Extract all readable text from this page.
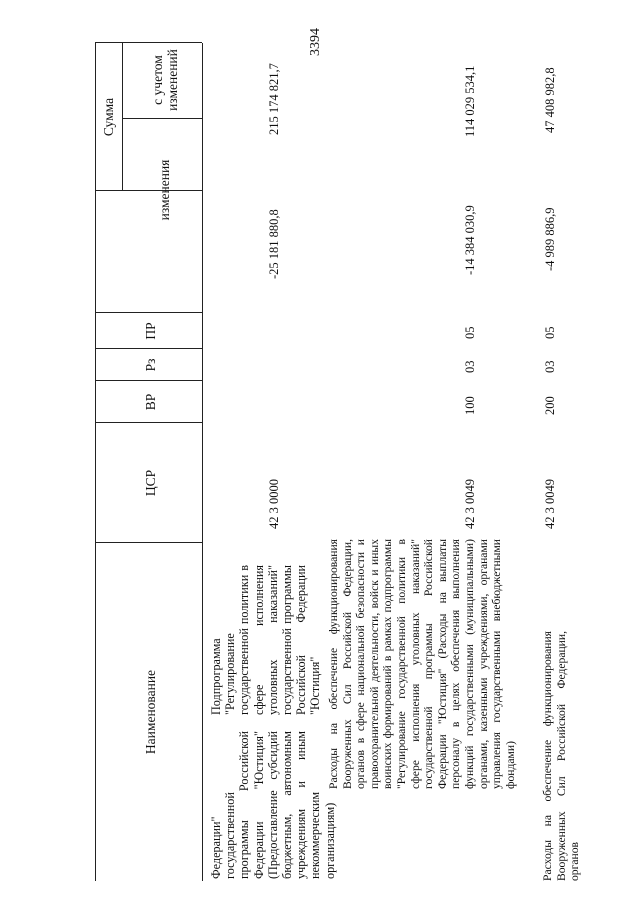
3394
Наименование
ЦСР
ВР
Рз
ПР
Сумма
изменения
с учетом изменений
Федерации" государственной программы Российской Федерации "Юстиция" (Предоставление субсидий бюджетным, автономным учреждениям и иным некоммерческим организациям)
Подпрограмма "Регулирование государственной политики в сфере исполнения уголовных наказаний" государственной программы Российской Федерации "Юстиция"
42 3 0000
-25 181 880,8
215 174 821,7
Расходы на обеспечение функционирования Вооруженных Сил Российской Федерации, органов в сфере национальной безопасности и правоохранительной деятельности, войск и иных воинских формирований в рамках подпрограммы "Регулирование государственной политики в сфере исполнения уголовных наказаний" государственной программы Российской Федерации "Юстиция" (Расходы на выплаты персоналу в целях обеспечения выполнения функций государственными (муниципальными) органами, казенными учреждениями, органами управления государственными внебюджетными фондами)
42 3 0049
100
03
05
-14 384 030,9
114 029 534,1
Расходы на обеспечение функционирования Вооруженных Сил Российской Федерации, органов
42 3 0049
200
03
05
-4 989 886,9
47 408 982,8
